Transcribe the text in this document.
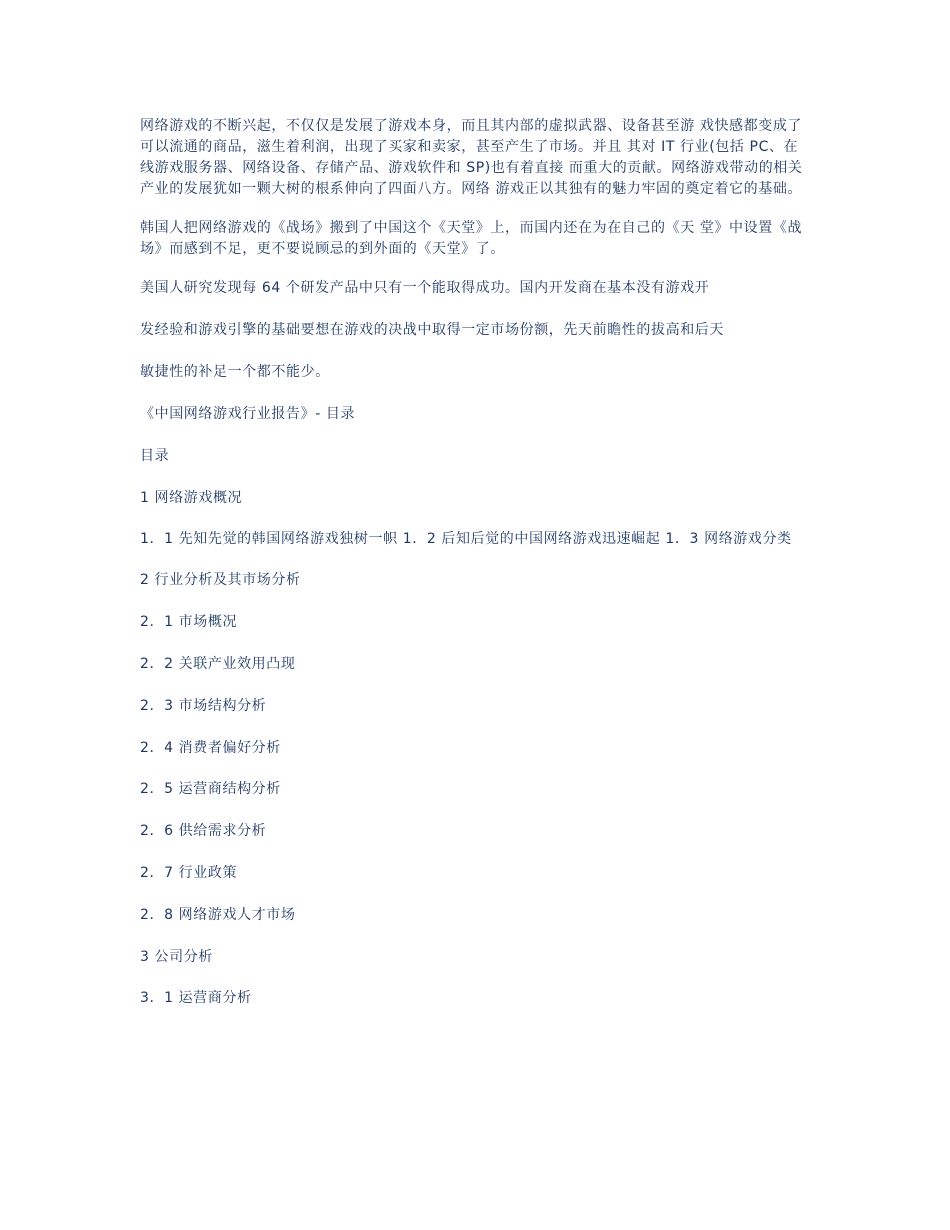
网络游戏的不断兴起，不仅仅是发展了游戏本身，而且其内部的虚拟武器、设备甚至游 戏快感都变成了可以流通的商品，滋生着利润，出现了买家和卖家，甚至产生了市场。并且 其对 IT 行业(包括 PC、在线游戏服务器、网络设备、存储产品、游戏软件和 SP)也有着直接 而重大的贡献。网络游戏带动的相关产业的发展犹如一颗大树的根系伸向了四面八方。网络 游戏正以其独有的魅力牢固的奠定着它的基础。

韩国人把网络游戏的《战场》搬到了中国这个《天堂》上，而国内还在为在自己的《天 堂》中设置《战场》而感到不足，更不要说顾忌的到外面的《天堂》了。

美国人研究发现每 64 个研发产品中只有一个能取得成功。国内开发商在基本没有游戏开

发经验和游戏引擎的基础要想在游戏的决战中取得一定市场份额，先天前瞻性的拔高和后天

敏捷性的补足一个都不能少。

《中国网络游戏行业报告》- 目录

目录

1 网络游戏概况

1．1 先知先觉的韩国网络游戏独树一帜 1．2 后知后觉的中国网络游戏迅速崛起 1．3 网络游戏分类

2 行业分析及其市场分析

2．1 市场概况

2．2 关联产业效用凸现

2．3 市场结构分析

2．4 消费者偏好分析

2．5 运营商结构分析

2．6 供给需求分析

2．7 行业政策

2．8 网络游戏人才市场

3 公司分析

3．1 运营商分析
